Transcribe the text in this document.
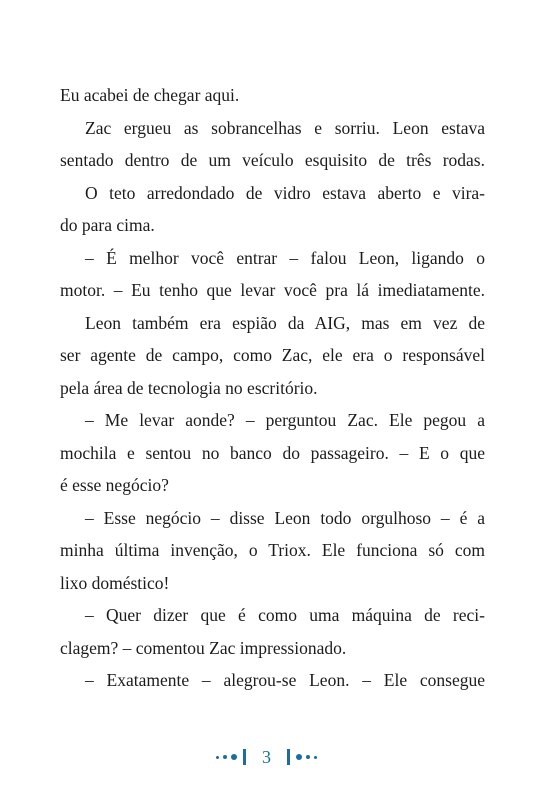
Eu acabei de chegar aqui.
Zac ergueu as sobrancelhas e sorriu. Leon estava
sentado dentro de um veículo esquisito de três rodas.
O teto arredondado de vidro estava aberto e vira-
do para cima.
– É melhor você entrar – falou Leon, ligando o
motor. – Eu tenho que levar você pra lá imediatamente.
Leon também era espião da AIG, mas em vez de
ser agente de campo, como Zac, ele era o responsável
pela área de tecnologia no escritório.
– Me levar aonde? – perguntou Zac. Ele pegou a
mochila e sentou no banco do passageiro. – E o que
é esse negócio?
– Esse negócio – disse Leon todo orgulhoso – é a
minha última invenção, o Triox. Ele funciona só com
lixo doméstico!
– Quer dizer que é como uma máquina de reci-
clagem? – comentou Zac impressionado.
– Exatamente – alegrou-se Leon. – Ele consegue
3
